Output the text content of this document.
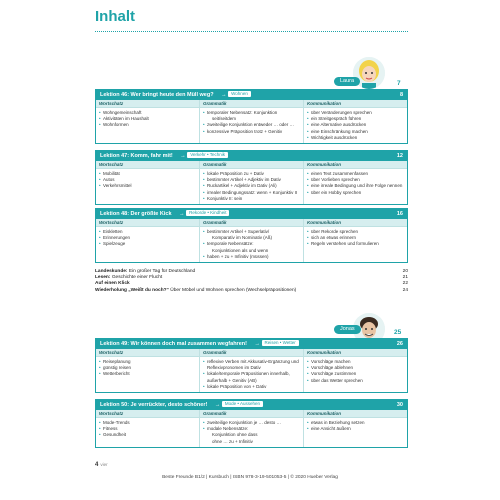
Inhalt
Laura	7
Lektion 46: Wer bringt heute den Müll weg? → Wohnen	8
Wortschatz
• Wohngemeinschaft
• Aktivitäten im Haushalt
• Wohnformen
Grammatik
• temporaler Nebensatz: Konjunktion
seit/seitdem
• zweiteilige Konjunktion entweder … oder …
• konzessive Präposition trotz + Genitiv
Kommunikation
• über Veränderungen sprechen
• ein Streitgespräch führen
• eine Alternative ausdrücken
• eine Einschränkung machen
• Wichtigkeit ausdrücken
Lektion 47: Komm, fahr mit! → Verkehr • Technik	12
Wortschatz
• Mobilität
• Autos
• Verkehrsmittel
Grammatik
• lokale Präposition zu + Dativ
• bestimmter Artikel + Adjektiv im Dativ
• Ruckartikel + Adjektiv im Dativ (Ali)
• irrealer Bedingungssatz: wenn + Konjunktiv II
• Konjunktiv II: sein
Kommunikation
• einen Text zusammenfassen
• über Vorlieben sprechen
• eine irreale Bedingung und ihre Folge nennen
• über ein Hobby sprechen
Lektion 48: Der größte Kick → Rekorde • Kindheit	16
Wortschatz
• Eiskletten
• Erinnerungen
• Spielzeuge
Grammatik
• bestimmter Artikel + Superlativ/
Komparativ im Nominativ (Aß)
• temporale Nebensätze:
Konjunktionen als und wenn
• haben + zu + Infinitiv (müssen)
Kommunikation
• über Rekorde sprechen
• sich an etwas erinnern
• Regeln verstehen und formulieren
Landeskunde: Ein großer Tag für Deutschland	20
Lesen: Geschichte einer Flucht	21
Auf einen Klick	22
Wiederholung „Weißt du noch?“ Über Möbel und Wohnen sprechen (Wechselpräpositionen)	24
Jonas	25
Lektion 49: Wir können doch mal zusammen wegfahren! → Reisen • Wetter	26
Wortschatz
• Reiseplanung
• günstig reisen
• Wetterbericht
Grammatik
• reflexive Verben mit Akkusativ-Ergänzung und Reflexivpronomen im Dativ
• lokale/temporale Präpositionen innerhalb, außerhalb + Genitiv (AB)
• lokale Präposition von + Dativ
Kommunikation
• Vorschläge machen
• Vorschläge ablehnen
• Vorschläge zustimmen
• über das Wetter sprechen
Lektion 50: Je verrückter, desto schöner! → Mode • Aussehen	30
Wortschatz
• Mode-Trends
• Fitness
• Gesundheit
Grammatik
• zweiteilige Konjunktion je … desto …
• modale Nebensätze:
Konjunktion ohne dass
ohne … zu + Infinitiv
Kommunikation
• etwas in Beziehung setzen
• eine Ansicht äußern
4 vier
Beste Freunde B1/2 | Kursbuch | ISBN 978-3-19-501053-5 | © 2020 Hueber Verlag
